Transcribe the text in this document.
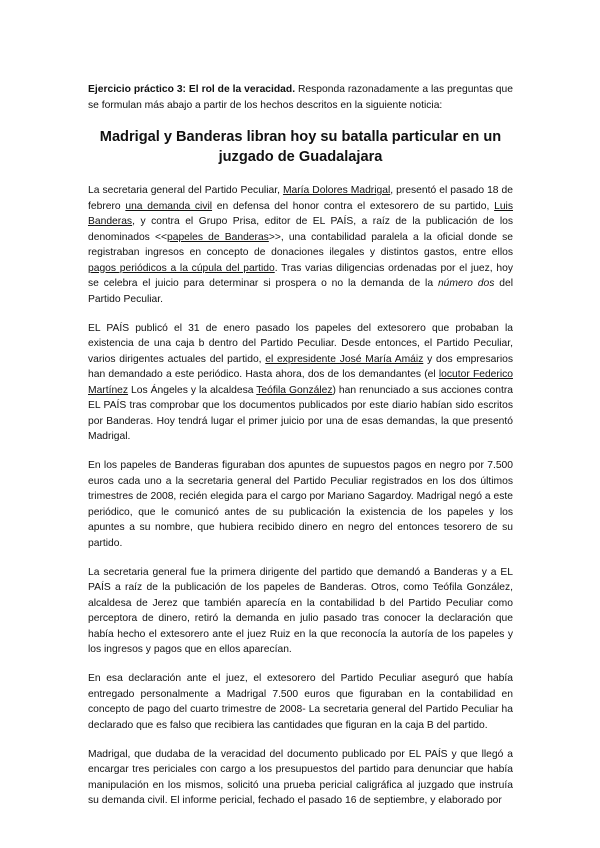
Ejercicio práctico 3: El rol de la veracidad. Responda razonadamente a las preguntas que se formulan más abajo a partir de los hechos descritos en la siguiente noticia:

Madrigal y Banderas libran hoy su batalla particular en un juzgado de Guadalajara

La secretaria general del Partido Peculiar, María Dolores Madrigal, presentó el pasado 18 de febrero una demanda civil en defensa del honor contra el extesorero de su partido, Luis Banderas, y contra el Grupo Prisa, editor de EL PAÍS, a raíz de la publicación de los denominados <<papeles de Banderas>>, una contabilidad paralela a la oficial donde se registraban ingresos en concepto de donaciones ilegales y distintos gastos, entre ellos pagos periódicos a la cúpula del partido. Tras varias diligencias ordenadas por el juez, hoy se celebra el juicio para determinar si prospera o no la demanda de la número dos del Partido Peculiar.

EL PAÍS publicó el 31 de enero pasado los papeles del extesorero que probaban la existencia de una caja b dentro del Partido Peculiar. Desde entonces, el Partido Peculiar, varios dirigentes actuales del partido, el expresidente José María Amáiz y dos empresarios han demandado a este periódico. Hasta ahora, dos de los demandantes (el locutor Federico Martínez Los Ángeles y la alcaldesa Teófila González) han renunciado a sus acciones contra EL PAÍS tras comprobar que los documentos publicados por este diario habían sido escritos por Banderas. Hoy tendrá lugar el primer juicio por una de esas demandas, la que presentó Madrigal.

En los papeles de Banderas figuraban dos apuntes de supuestos pagos en negro por 7.500 euros cada uno a la secretaria general del Partido Peculiar registrados en los dos últimos trimestres de 2008, recién elegida para el cargo por Mariano Sagardoy. Madrigal negó a este periódico, que le comunicó antes de su publicación la existencia de los papeles y los apuntes a su nombre, que hubiera recibido dinero en negro del entonces tesorero de su partido.

La secretaria general fue la primera dirigente del partido que demandó a Banderas y a EL PAÍS a raíz de la publicación de los papeles de Banderas. Otros, como Teófila González, alcaldesa de Jerez que también aparecía en la contabilidad b del Partido Peculiar como perceptora de dinero, retiró la demanda en julio pasado tras conocer la declaración que había hecho el extesorero ante el juez Ruiz en la que reconocía la autoría de los papeles y los ingresos y pagos que en ellos aparecían.

En esa declaración ante el juez, el extesorero del Partido Peculiar aseguró que había entregado personalmente a Madrigal 7.500 euros que figuraban en la contabilidad en concepto de pago del cuarto trimestre de 2008- La secretaria general del Partido Peculiar ha declarado que es falso que recibiera las cantidades que figuran en la caja B del partido.

Madrigal, que dudaba de la veracidad del documento publicado por EL PAÍS y que llegó a encargar tres periciales con cargo a los presupuestos del partido para denunciar que había manipulación en los mismos, solicitó una prueba pericial caligráfica al juzgado que instruía su demanda civil. El informe pericial, fechado el pasado 16 de septiembre, y elaborado por
